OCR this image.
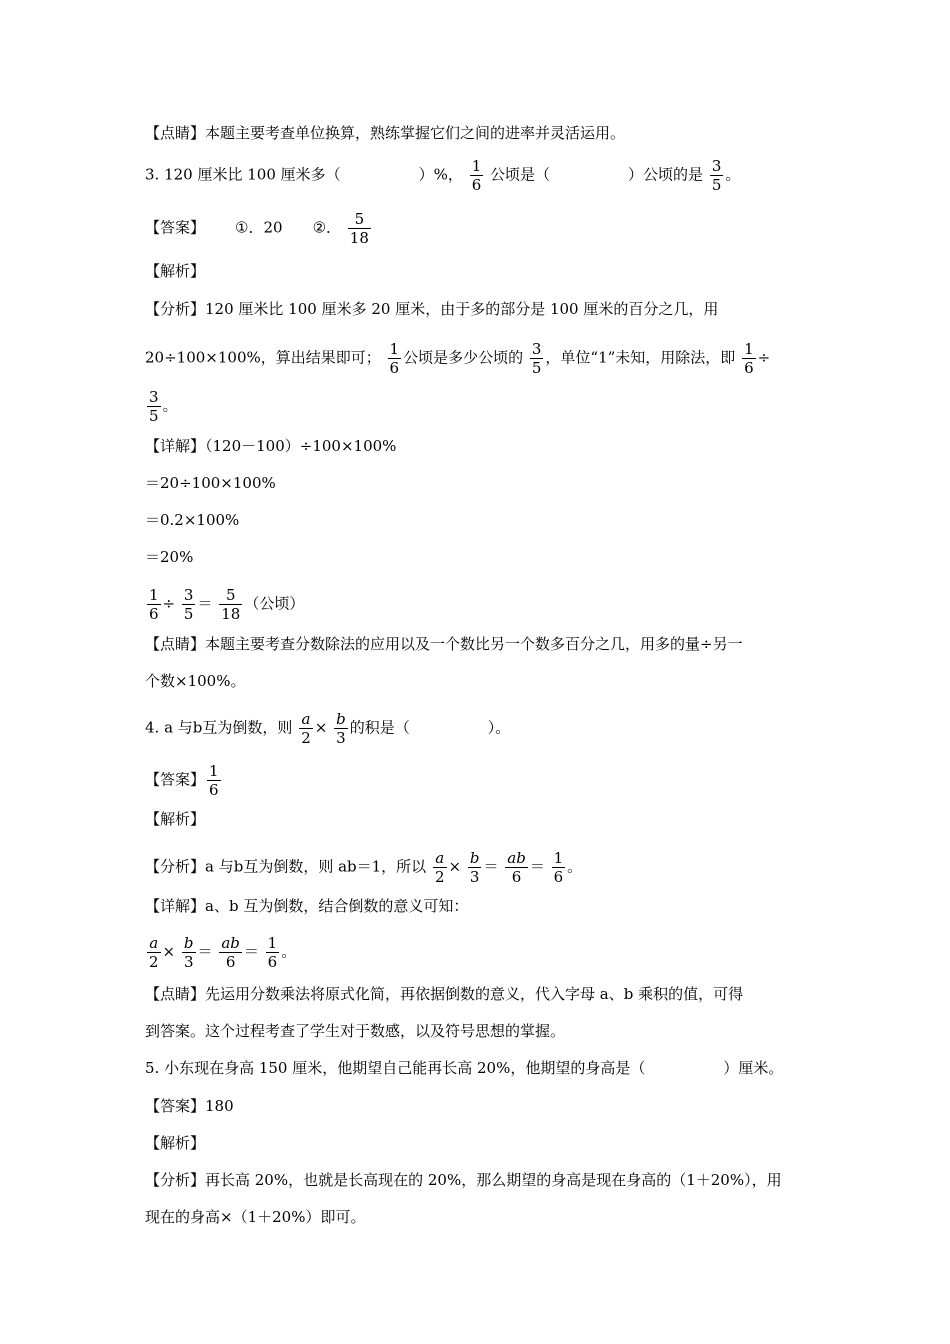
【点睛】本题主要考查单位换算，熟练掌握它们之间的进率并灵活运用。
3. 120 厘米比 100 厘米多（	）%， $\frac{1}{6}$ 公顷是（	）公顷的是 $\frac{3}{5}$ 。
【答案】 ①．20 ②． $\frac{5}{18}$
【解析】
【分析】120 厘米比 100 厘米多 20 厘米，由于多的部分是 100 厘米的百分之几，用
20÷100×100%，算出结果即可； $\frac{1}{6}$ 公顷是多少公顷的 $\frac{3}{5}$ ，单位“1”未知，用除法，即 $\frac{1}{6}$ ÷
$\frac{3}{5}$ 。
【详解】（120－100）÷100×100%
＝20÷100×100%
＝0.2×100%
＝20%
$\frac{1}{6} \div \frac{3}{5} = \frac{5}{18}$ （公顷）
【点睛】本题主要考查分数除法的应用以及一个数比另一个数多百分之几，用多的量÷另一
个数×100%。
4. a 与b互为倒数，则 $\frac{a}{2} \times \frac{b}{3}$ 的积是（	）。
【答案】 $\frac{1}{6}$
【解析】
【分析】a 与b互为倒数，则 ab＝1，所以 $\frac{a}{2} \times \frac{b}{3} = \frac{ab}{6} = \frac{1}{6}$ 。
【详解】a、b 互为倒数，结合倒数的意义可知：
$\frac{a}{2} \times \frac{b}{3} = \frac{ab}{6} = \frac{1}{6}$ 。
【点睛】先运用分数乘法将原式化简，再依据倒数的意义，代入字母 a、b 乘积的值，可得
到答案。这个过程考查了学生对于数感，以及符号思想的掌握。
5. 小东现在身高 150 厘米，他期望自己能再长高 20%，他期望的身高是（	）厘米。
【答案】180
【解析】
【分析】再长高 20%，也就是长高现在的 20%，那么期望的身高是现在身高的（1＋20%），用
现在的身高×（1＋20%）即可。
